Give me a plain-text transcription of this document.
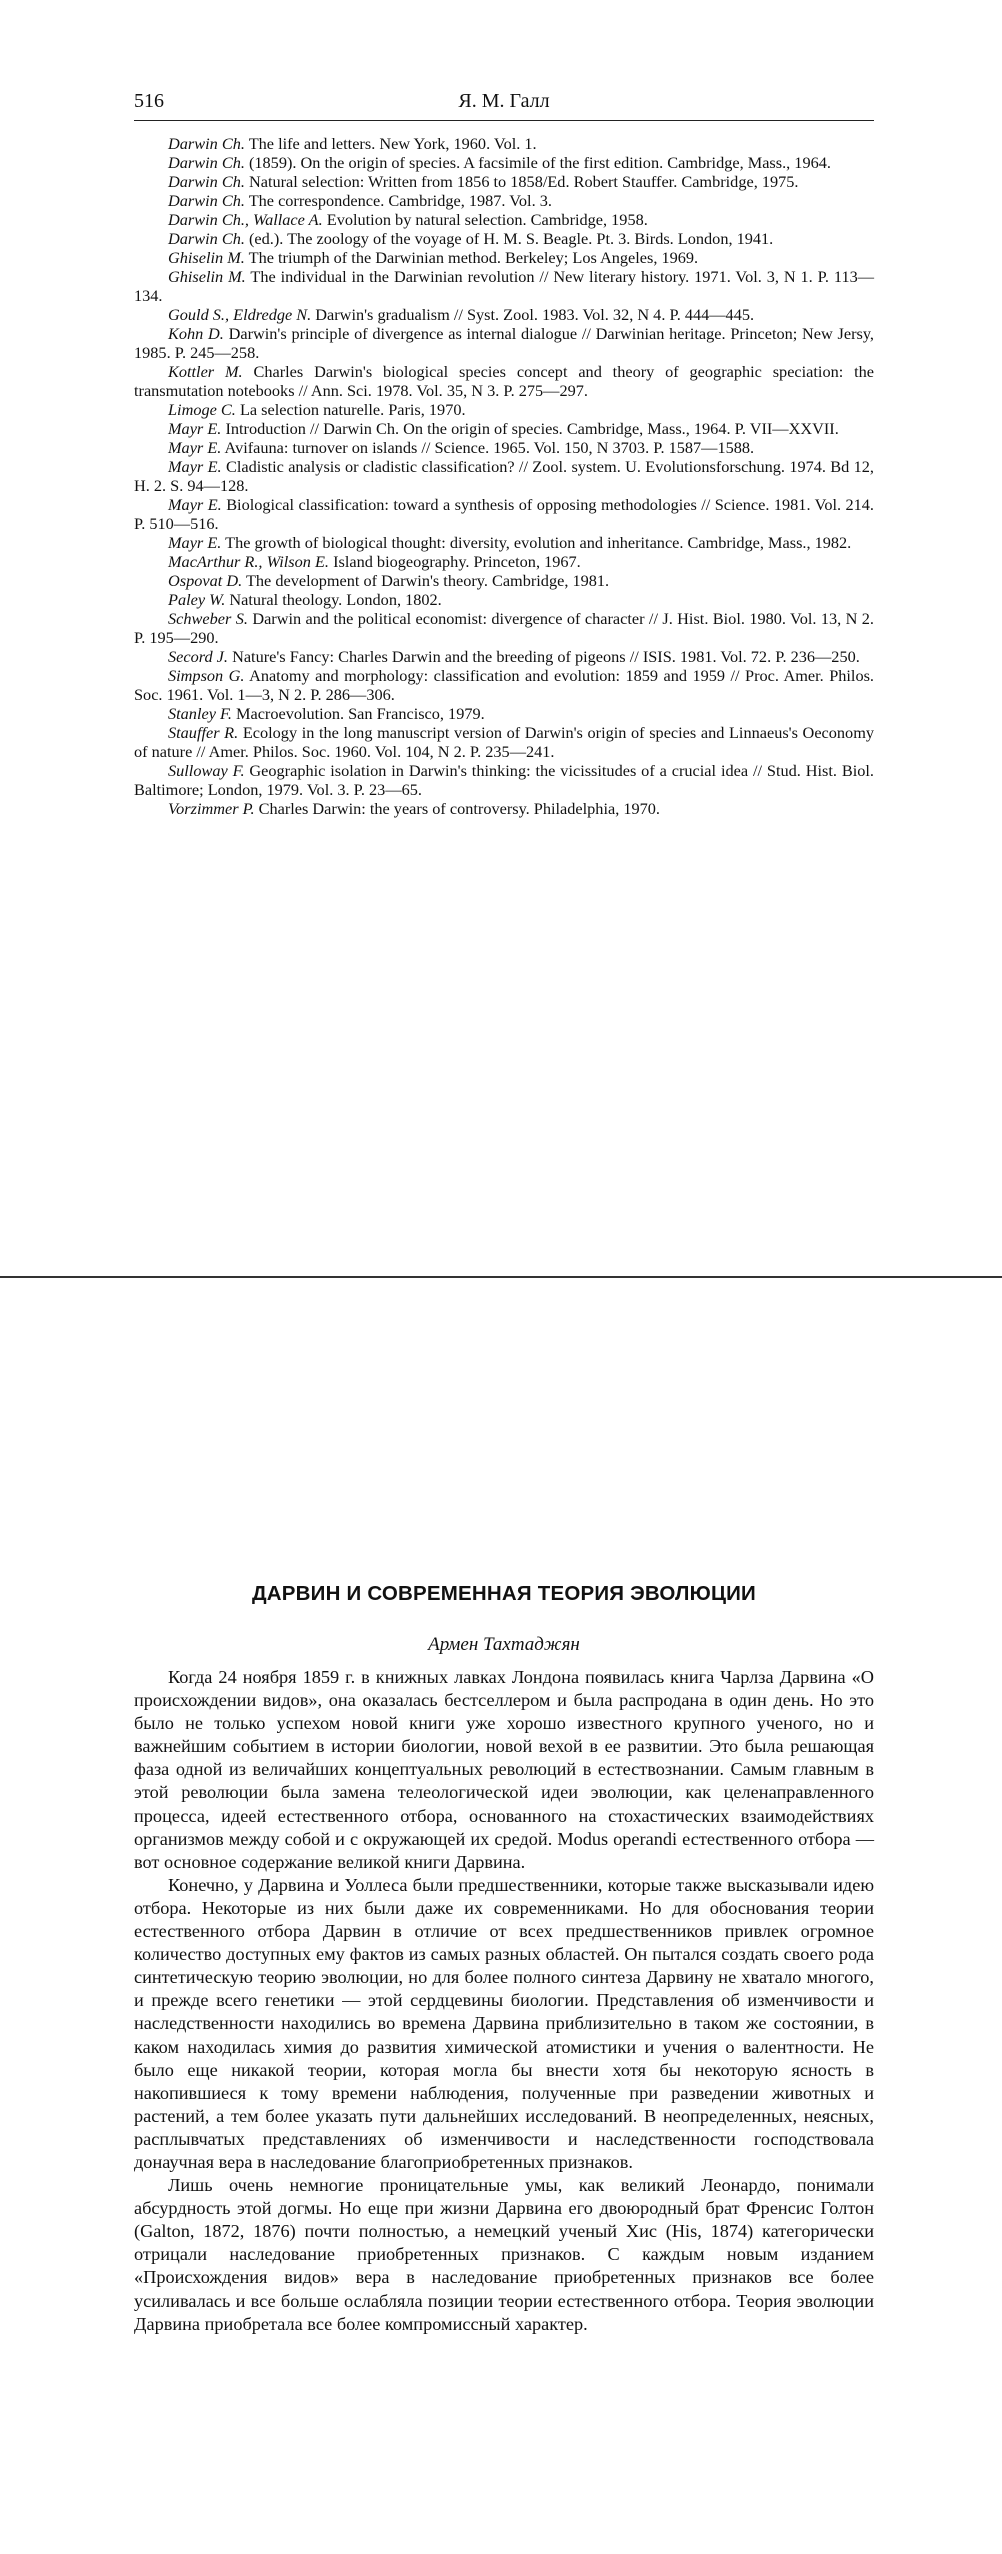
516	Я. М. Галл
Darwin Ch. The life and letters. New York, 1960. Vol. 1.
Darwin Ch. (1859). On the origin of species. A facsimile of the first edition. Cambridge, Mass., 1964.
Darwin Ch. Natural selection: Written from 1856 to 1858/Ed. Robert Stauffer. Cambridge, 1975.
Darwin Ch. The correspondence. Cambridge, 1987. Vol. 3.
Darwin Ch., Wallace A. Evolution by natural selection. Cambridge, 1958.
Darwin Ch. (ed.). The zoology of the voyage of H. M. S. Beagle. Pt. 3. Birds. London, 1941.
Ghiselin M. The triumph of the Darwinian method. Berkeley; Los Angeles, 1969.
Ghiselin M. The individual in the Darwinian revolution // New literary history. 1971. Vol. 3, N 1. P. 113—134.
Gould S., Eldredge N. Darwin's gradualism // Syst. Zool. 1983. Vol. 32, N 4. P. 444—445.
Kohn D. Darwin's principle of divergence as internal dialogue // Darwinian heritage. Princeton; New Jersy, 1985. P. 245—258.
Kottler M. Charles Darwin's biological species concept and theory of geographic speciation: the transmutation notebooks // Ann. Sci. 1978. Vol. 35, N 3. P. 275—297.
Limoge C. La selection naturelle. Paris, 1970.
Mayr E. Introduction // Darwin Ch. On the origin of species. Cambridge, Mass., 1964. P. VII—XXVII.
Mayr E. Avifauna: turnover on islands // Science. 1965. Vol. 150, N 3703. P. 1587—1588.
Mayr E. Cladistic analysis or cladistic classification? // Zool. system. U. Evolutionsforschung. 1974. Bd 12, H. 2. S. 94—128.
Mayr E. Biological classification: toward a synthesis of opposing methodologies // Science. 1981. Vol. 214. P. 510—516.
Mayr E. The growth of biological thought: diversity, evolution and inheritance. Cambridge, Mass., 1982.
MacArthur R., Wilson E. Island biogeography. Princeton, 1967.
Ospovat D. The development of Darwin's theory. Cambridge, 1981.
Paley W. Natural theology. London, 1802.
Schweber S. Darwin and the political economist: divergence of character // J. Hist. Biol. 1980. Vol. 13, N 2. P. 195—290.
Secord J. Nature's Fancy: Charles Darwin and the breeding of pigeons // ISIS. 1981. Vol. 72. P. 236—250.
Simpson G. Anatomy and morphology: classification and evolution: 1859 and 1959 // Proc. Amer. Philos. Soc. 1961. Vol. 1—3, N 2. P. 286—306.
Stanley F. Macroevolution. San Francisco, 1979.
Stauffer R. Ecology in the long manuscript version of Darwin's origin of species and Linnaeus's Oeconomy of nature // Amer. Philos. Soc. 1960. Vol. 104, N 2. P. 235—241.
Sulloway F. Geographic isolation in Darwin's thinking: the vicissitudes of a crucial idea // Stud. Hist. Biol. Baltimore; London, 1979. Vol. 3. P. 23—65.
Vorzimmer P. Charles Darwin: the years of controversy. Philadelphia, 1970.
ДАРВИН И СОВРЕМЕННАЯ ТЕОРИЯ ЭВОЛЮЦИИ
Армен Тахтаджян

Когда 24 ноября 1859 г. в книжных лавках Лондона появилась книга Чарлза Дарвина «О происхождении видов», она оказалась бестселлером и была распродана в один день. Но это было не только успехом новой книги уже хорошо известного крупного ученого, но и важнейшим событием в истории биологии, новой вехой в ее развитии. Это была решающая фаза одной из величайших концептуальных революций в естествознании. Самым главным в этой революции была замена телеологической идеи эволюции, как целенаправленного процесса, идеей естественного отбора, основанного на стохастических взаимодействиях организмов между собой и с окружающей их средой. Modus operandi естественного отбора — вот основное содержание великой книги Дарвина.

Конечно, у Дарвина и Уоллеса были предшественники, которые также высказывали идею отбора. Некоторые из них были даже их современниками. Но для обоснования теории естественного отбора Дарвин в отличие от всех предшественников привлек огромное количество доступных ему фактов из самых разных областей. Он пытался создать своего рода синтетическую теорию эволюции, но для более полного синтеза Дарвину не хватало многого, и прежде всего генетики — этой сердцевины биологии. Представления об изменчивости и наследственности находились во времена Дарвина приблизительно в таком же состоянии, в каком находилась химия до развития химической атомистики и учения о валентности. Не было еще никакой теории, которая могла бы внести хотя бы некоторую ясность в накопившиеся к тому времени наблюдения, полученные при разведении животных и растений, а тем более указать пути дальнейших исследований. В неопределенных, неясных, расплывчатых представлениях об изменчивости и наследственности господствовала донаучная вера в наследование благоприобретенных признаков.

Лишь очень немногие проницательные умы, как великий Леонардо, понимали абсурдность этой догмы. Но еще при жизни Дарвина его двоюродный брат Френсис Голтон (Galton, 1872, 1876) почти полностью, а немецкий ученый Хис (His, 1874) категорически отрицали наследование приобретенных признаков. С каждым новым изданием «Происхождения видов» вера в наследование приобретенных признаков все более усиливалась и все больше ослабляла позиции теории естественного отбора. Теория эволюции Дарвина приобретала все более компромиссный характер.
